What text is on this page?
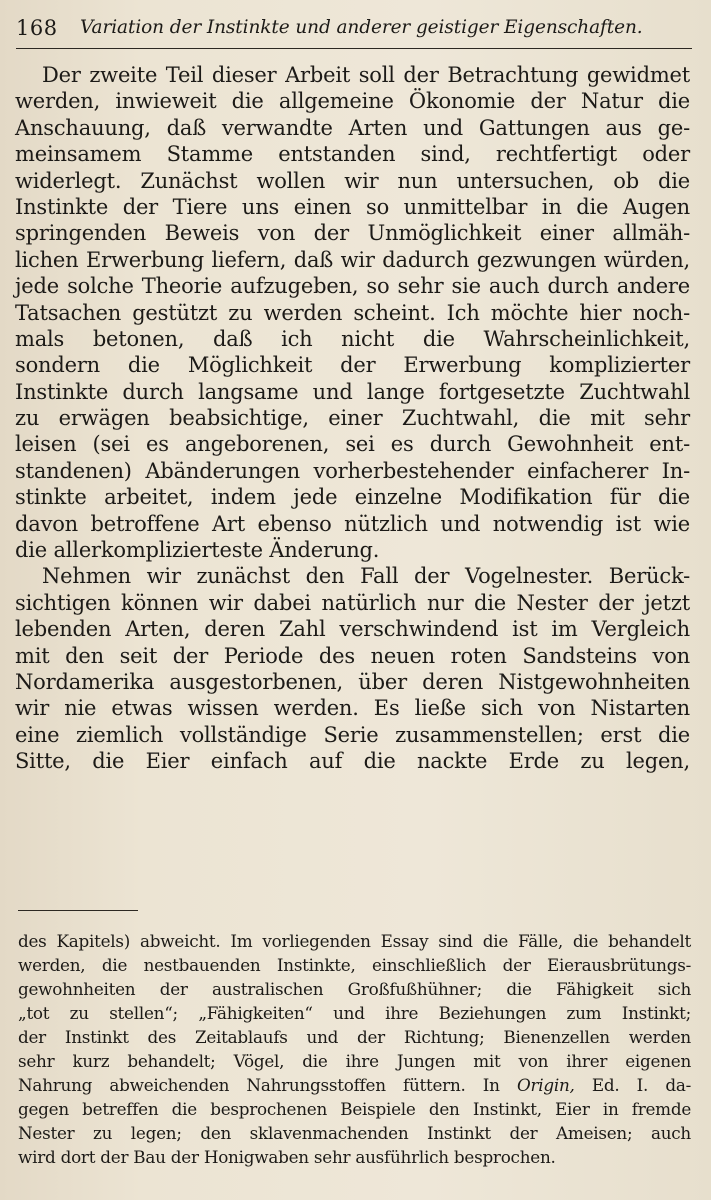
168 Variation der Instinkte und anderer geistiger Eigenschaften.
Der zweite Teil dieser Arbeit soll der Betrachtung gewidmet
werden, inwieweit die allgemeine Ökonomie der Natur die
Anschauung, daß verwandte Arten und Gattungen aus ge-
meinsamem Stamme entstanden sind, rechtfertigt oder
widerlegt. Zunächst wollen wir nun untersuchen, ob die
Instinkte der Tiere uns einen so unmittelbar in die Augen
springenden Beweis von der Unmöglichkeit einer allmäh-
lichen Erwerbung liefern, daß wir dadurch gezwungen würden,
jede solche Theorie aufzugeben, so sehr sie auch durch andere
Tatsachen gestützt zu werden scheint. Ich möchte hier noch-
mals betonen, daß ich nicht die Wahrscheinlichkeit,
sondern die Möglichkeit der Erwerbung komplizierter
Instinkte durch langsame und lange fortgesetzte Zuchtwahl
zu erwägen beabsichtige, einer Zuchtwahl, die mit sehr
leisen (sei es angeborenen, sei es durch Gewohnheit ent-
standenen) Abänderungen vorherbestehender einfacherer In-
stinkte arbeitet, indem jede einzelne Modifikation für die
davon betroffene Art ebenso nützlich und notwendig ist wie
die allerkomplizierteste Änderung.
Nehmen wir zunächst den Fall der Vogelnester. Berück-
sichtigen können wir dabei natürlich nur die Nester der jetzt
lebenden Arten, deren Zahl verschwindend ist im Vergleich
mit den seit der Periode des neuen roten Sandsteins von
Nordamerika ausgestorbenen, über deren Nistgewohnheiten
wir nie etwas wissen werden. Es ließe sich von Nistarten
eine ziemlich vollständige Serie zusammenstellen; erst die
Sitte, die Eier einfach auf die nackte Erde zu legen,
des Kapitels) abweicht. Im vorliegenden Essay sind die Fälle, die behandelt
werden, die nestbauenden Instinkte, einschließlich der Eierausbrütungs-
gewohnheiten der australischen Großfußhühner; die Fähigkeit sich
„tot zu stellen“; „Fähigkeiten“ und ihre Beziehungen zum Instinkt;
der Instinkt des Zeitablaufs und der Richtung; Bienenzellen werden
sehr kurz behandelt; Vögel, die ihre Jungen mit von ihrer eigenen
Nahrung abweichenden Nahrungsstoffen füttern. In Origin, Ed. I. da-
gegen betreffen die besprochenen Beispiele den Instinkt, Eier in fremde
Nester zu legen; den sklavenmachenden Instinkt der Ameisen; auch
wird dort der Bau der Honigwaben sehr ausführlich besprochen.
